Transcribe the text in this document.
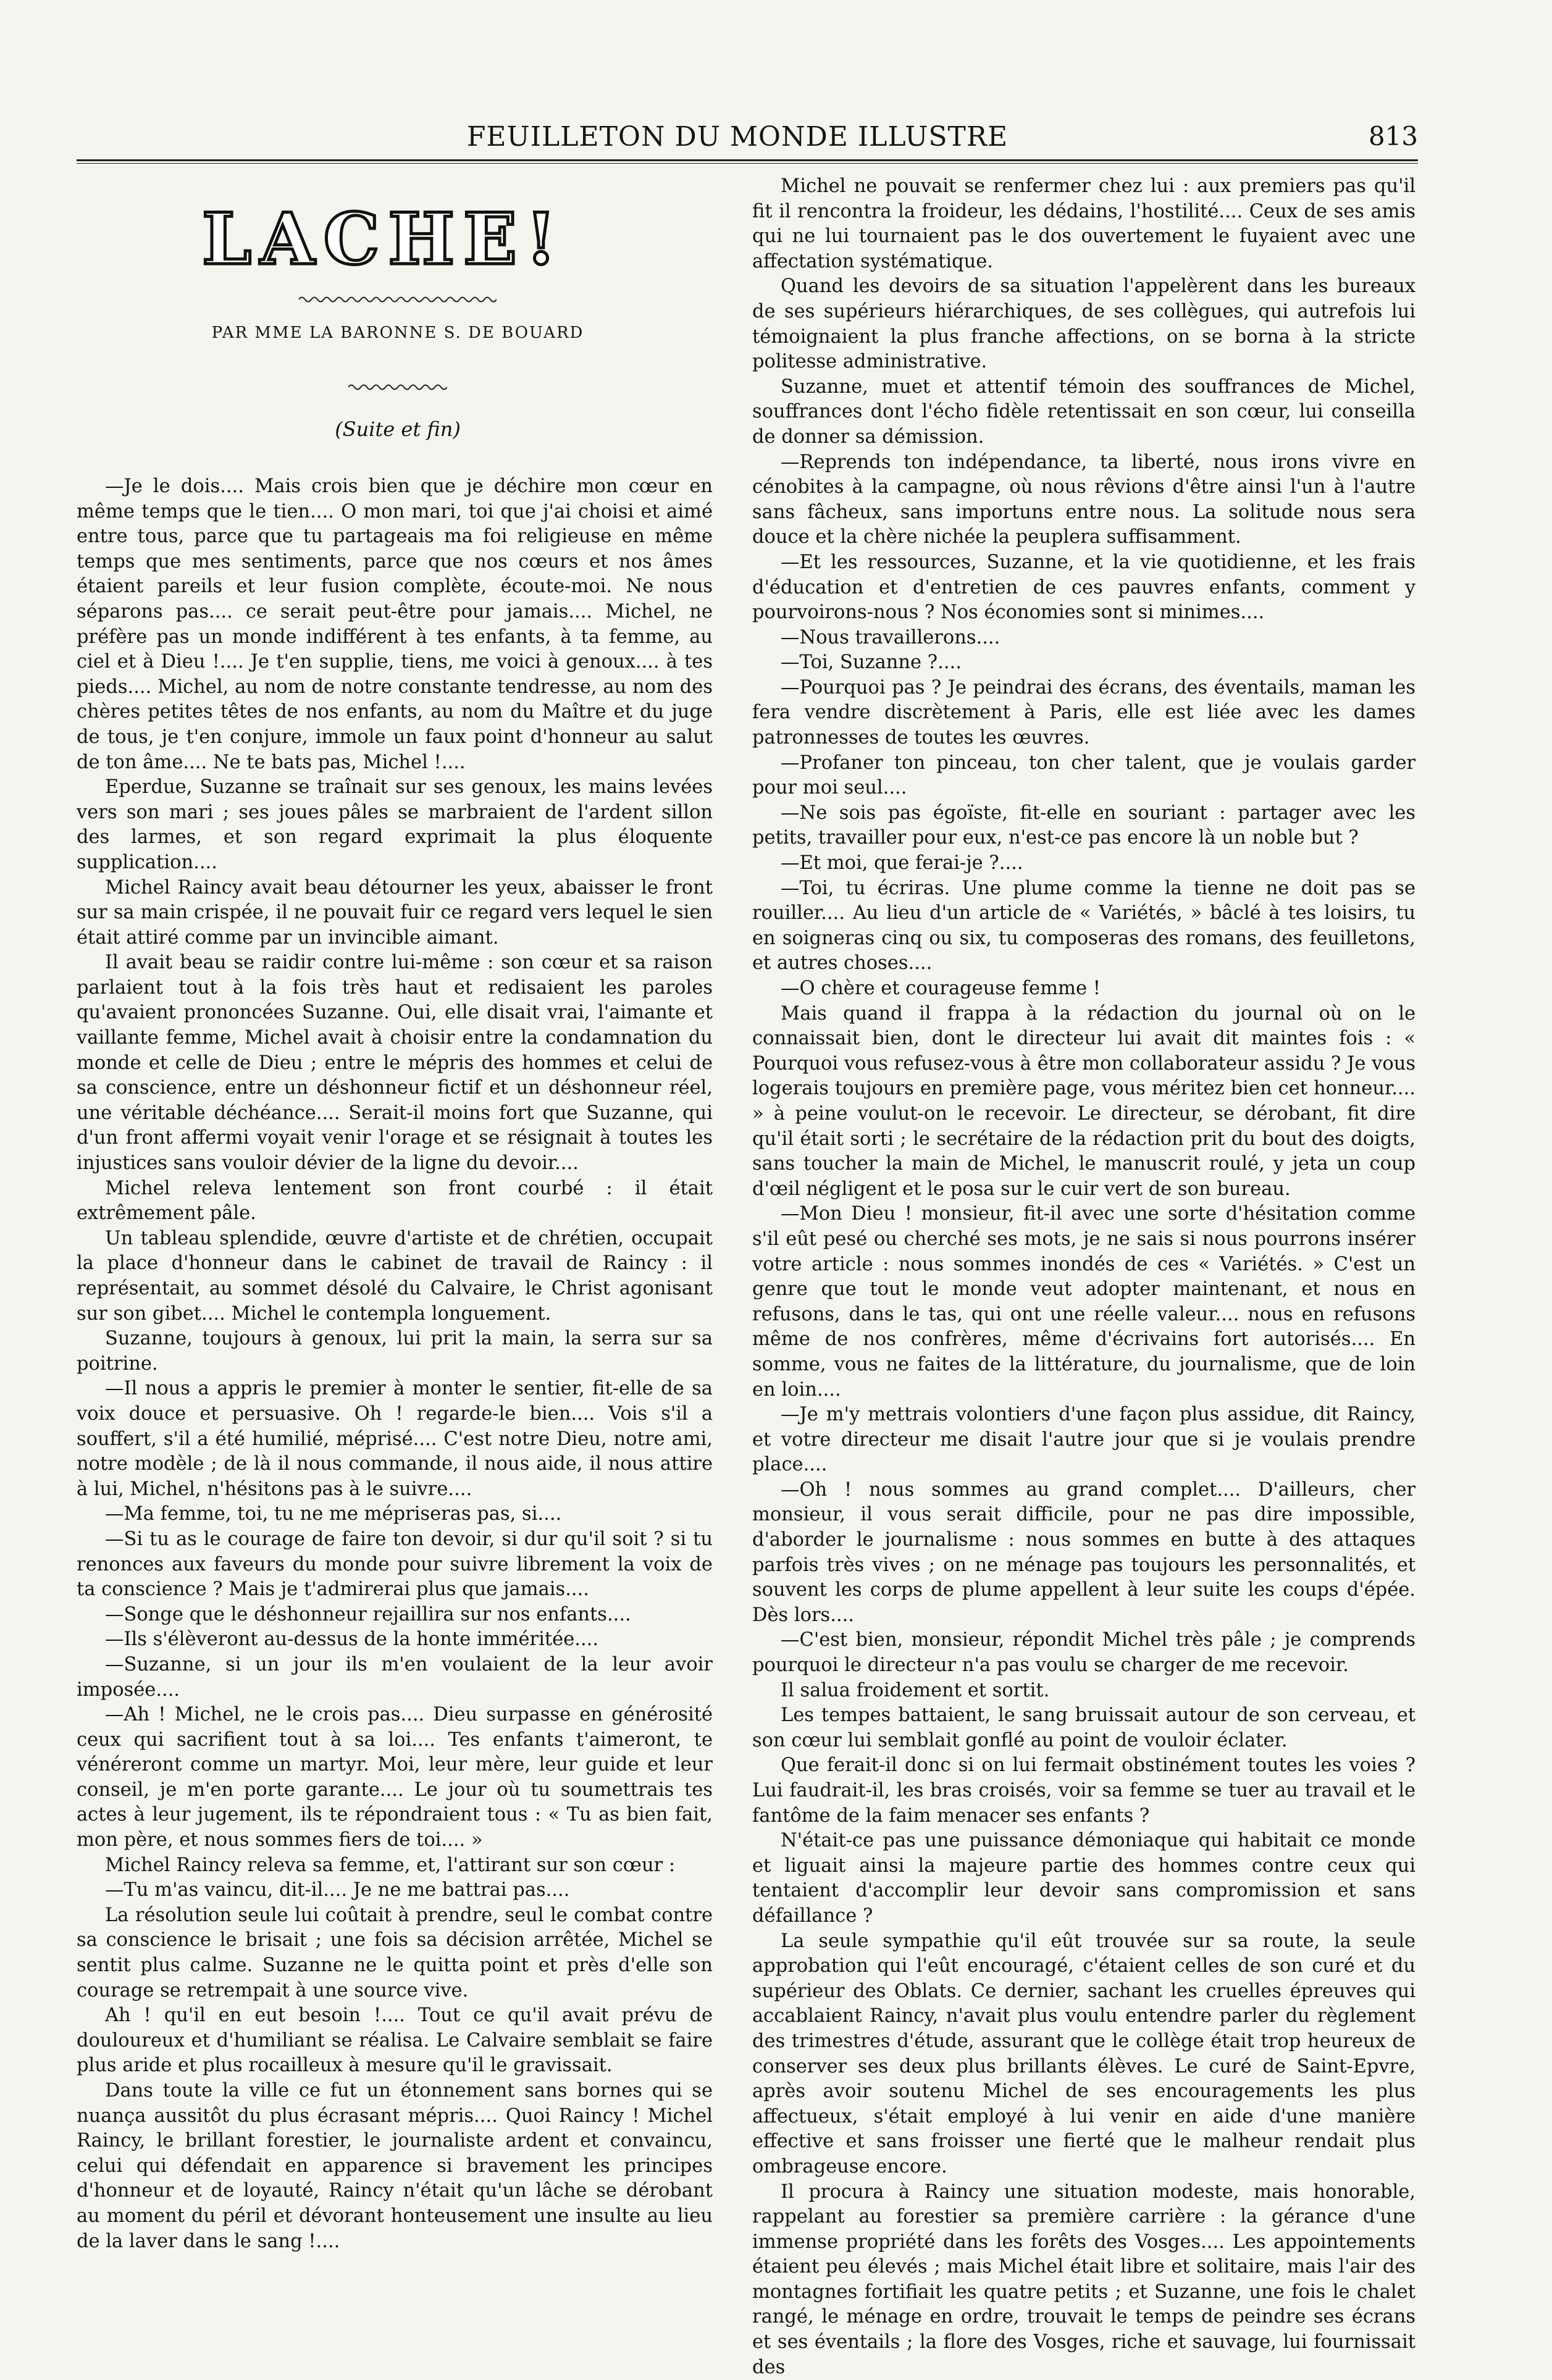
FEUILLETON DU MONDE ILLUSTRE	813
LACHE!
PAR MME LA BARONNE S. DE BOUARD
(Suite et fin)

—Je le dois.... Mais crois bien que je déchire mon cœur en même temps que le tien.... O mon mari, toi que j'ai choisi et aimé entre tous, parce que tu partageais ma foi religieuse en même temps que mes sentiments, parce que nos cœurs et nos âmes étaient pareils et leur fusion complète, écoute-moi. Ne nous séparons pas.... ce serait peut-être pour jamais.... Michel, ne préfère pas un monde indifférent à tes enfants, à ta femme, au ciel et à Dieu !.... Je t'en supplie, tiens, me voici à genoux.... à tes pieds.... Michel, au nom de notre constante tendresse, au nom des chères petites têtes de nos enfants, au nom du Maître et du juge de tous, je t'en conjure, immole un faux point d'honneur au salut de ton âme.... Ne te bats pas, Michel !....

Eperdue, Suzanne se traînait sur ses genoux, les mains levées vers son mari ; ses joues pâles se marbraient de l'ardent sillon des larmes, et son regard exprimait la plus éloquente supplication....

Michel Raincy avait beau détourner les yeux, abaisser le front sur sa main crispée, il ne pouvait fuir ce regard vers lequel le sien était attiré comme par un invincible aimant.

Il avait beau se raidir contre lui-même : son cœur et sa raison parlaient tout à la fois très haut et redisaient les paroles qu'avaient prononcées Suzanne. Oui, elle disait vrai, l'aimante et vaillante femme, Michel avait à choisir entre la condamnation du monde et celle de Dieu ; entre le mépris des hommes et celui de sa conscience, entre un déshonneur fictif et un déshonneur réel, une véritable déchéance.... Serait-il moins fort que Suzanne, qui d'un front affermi voyait venir l'orage et se résignait à toutes les injustices sans vouloir dévier de la ligne du devoir....

Michel releva lentement son front courbé : il était extrêmement pâle.

Un tableau splendide, œuvre d'artiste et de chrétien, occupait la place d'honneur dans le cabinet de travail de Raincy : il représentait, au sommet désolé du Calvaire, le Christ agonisant sur son gibet.... Michel le contempla longuement.

Suzanne, toujours à genoux, lui prit la main, la serra sur sa poitrine.

—Il nous a appris le premier à monter le sentier, fit-elle de sa voix douce et persuasive. Oh ! regarde-le bien.... Vois s'il a souffert, s'il a été humilié, méprisé.... C'est notre Dieu, notre ami, notre modèle ; de là il nous commande, il nous aide, il nous attire à lui, Michel, n'hésitons pas à le suivre....

—Ma femme, toi, tu ne me mépriseras pas, si....

—Si tu as le courage de faire ton devoir, si dur qu'il soit ? si tu renonces aux faveurs du monde pour suivre librement la voix de ta conscience ? Mais je t'admirerai plus que jamais....

—Songe que le déshonneur rejaillira sur nos enfants....

—Ils s'élèveront au-dessus de la honte imméritée....

—Suzanne, si un jour ils m'en voulaient de la leur avoir imposée....

—Ah ! Michel, ne le crois pas.... Dieu surpasse en générosité ceux qui sacrifient tout à sa loi.... Tes enfants t'aimeront, te vénéreront comme un martyr. Moi, leur mère, leur guide et leur conseil, je m'en porte garante.... Le jour où tu soumettrais tes actes à leur jugement, ils te répondraient tous : « Tu as bien fait, mon père, et nous sommes fiers de toi.... »

Michel Raincy releva sa femme, et, l'attirant sur son cœur :

—Tu m'as vaincu, dit-il.... Je ne me battrai pas....

La résolution seule lui coûtait à prendre, seul le combat contre sa conscience le brisait ; une fois sa décision arrêtée, Michel se sentit plus calme. Suzanne ne le quitta point et près d'elle son courage se retrempait à une source vive.

Ah ! qu'il en eut besoin !.... Tout ce qu'il avait prévu de douloureux et d'humiliant se réalisa. Le Calvaire semblait se faire plus aride et plus rocailleux à mesure qu'il le gravissait.

Dans toute la ville ce fut un étonnement sans bornes qui se nuança aussitôt du plus écrasant mépris.... Quoi Raincy ! Michel Raincy, le brillant forestier, le journaliste ardent et convaincu, celui qui défendait en apparence si bravement les principes d'honneur et de loyauté, Raincy n'était qu'un lâche se dérobant au moment du péril et dévorant honteusement une insulte au lieu de la laver dans le sang !....

Michel ne pouvait se renfermer chez lui : aux premiers pas qu'il fit il rencontra la froideur, les dédains, l'hostilité.... Ceux de ses amis qui ne lui tournaient pas le dos ouvertement le fuyaient avec une affectation systématique.

Quand les devoirs de sa situation l'appelèrent dans les bureaux de ses supérieurs hiérarchiques, de ses collègues, qui autrefois lui témoignaient la plus franche affections, on se borna à la stricte politesse administrative.

Suzanne, muet et attentif témoin des souffrances de Michel, souffrances dont l'écho fidèle retentissait en son cœur, lui conseilla de donner sa démission.

—Reprends ton indépendance, ta liberté, nous irons vivre en cénobites à la campagne, où nous rêvions d'être ainsi l'un à l'autre sans fâcheux, sans importuns entre nous. La solitude nous sera douce et la chère nichée la peuplera suffisamment.

—Et les ressources, Suzanne, et la vie quotidienne, et les frais d'éducation et d'entretien de ces pauvres enfants, comment y pourvoirons-nous ? Nos économies sont si minimes....

—Nous travaillerons....

—Toi, Suzanne ?....

—Pourquoi pas ? Je peindrai des écrans, des éventails, maman les fera vendre discrètement à Paris, elle est liée avec les dames patronnesses de toutes les œuvres.

—Profaner ton pinceau, ton cher talent, que je voulais garder pour moi seul....

—Ne sois pas égoïste, fit-elle en souriant : partager avec les petits, travailler pour eux, n'est-ce pas encore là un noble but ?

—Et moi, que ferai-je ?....

—Toi, tu écriras. Une plume comme la tienne ne doit pas se rouiller.... Au lieu d'un article de « Variétés, » bâclé à tes loisirs, tu en soigneras cinq ou six, tu composeras des romans, des feuilletons, et autres choses....

—O chère et courageuse femme !

Mais quand il frappa à la rédaction du journal où on le connaissait bien, dont le directeur lui avait dit maintes fois : « Pourquoi vous refusez-vous à être mon collaborateur assidu ? Je vous logerais toujours en première page, vous méritez bien cet honneur.... » à peine voulut-on le recevoir. Le directeur, se dérobant, fit dire qu'il était sorti ; le secrétaire de la rédaction prit du bout des doigts, sans toucher la main de Michel, le manuscrit roulé, y jeta un coup d'œil négligent et le posa sur le cuir vert de son bureau.

—Mon Dieu ! monsieur, fit-il avec une sorte d'hésitation comme s'il eût pesé ou cherché ses mots, je ne sais si nous pourrons insérer votre article : nous sommes inondés de ces « Variétés. » C'est un genre que tout le monde veut adopter maintenant, et nous en refusons, dans le tas, qui ont une réelle valeur.... nous en refusons même de nos confrères, même d'écrivains fort autorisés.... En somme, vous ne faites de la littérature, du journalisme, que de loin en loin....

—Je m'y mettrais volontiers d'une façon plus assidue, dit Raincy, et votre directeur me disait l'autre jour que si je voulais prendre place....

—Oh ! nous sommes au grand complet.... D'ailleurs, cher monsieur, il vous serait difficile, pour ne pas dire impossible, d'aborder le journalisme : nous sommes en butte à des attaques parfois très vives ; on ne ménage pas toujours les personnalités, et souvent les corps de plume appellent à leur suite les coups d'épée. Dès lors....

—C'est bien, monsieur, répondit Michel très pâle ; je comprends pourquoi le directeur n'a pas voulu se charger de me recevoir.

Il salua froidement et sortit.

Les tempes battaient, le sang bruissait autour de son cerveau, et son cœur lui semblait gonflé au point de vouloir éclater.

Que ferait-il donc si on lui fermait obstinément toutes les voies ? Lui faudrait-il, les bras croisés, voir sa femme se tuer au travail et le fantôme de la faim menacer ses enfants ?

N'était-ce pas une puissance démoniaque qui habitait ce monde et liguait ainsi la majeure partie des hommes contre ceux qui tentaient d'accomplir leur devoir sans compromission et sans défaillance ?

La seule sympathie qu'il eût trouvée sur sa route, la seule approbation qui l'eût encouragé, c'étaient celles de son curé et du supérieur des Oblats. Ce dernier, sachant les cruelles épreuves qui accablaient Raincy, n'avait plus voulu entendre parler du règlement des trimestres d'étude, assurant que le collège était trop heureux de conserver ses deux plus brillants élèves. Le curé de Saint-Epvre, après avoir soutenu Michel de ses encouragements les plus affectueux, s'était employé à lui venir en aide d'une manière effective et sans froisser une fierté que le malheur rendait plus ombrageuse encore.

Il procura à Raincy une situation modeste, mais honorable, rappelant au forestier sa première carrière : la gérance d'une immense propriété dans les forêts des Vosges.... Les appointements étaient peu élevés ; mais Michel était libre et solitaire, mais l'air des montagnes fortifiait les quatre petits ; et Suzanne, une fois le chalet rangé, le ménage en ordre, trouvait le temps de peindre ses écrans et ses éventails ; la flore des Vosges, riche et sauvage, lui fournissait des
